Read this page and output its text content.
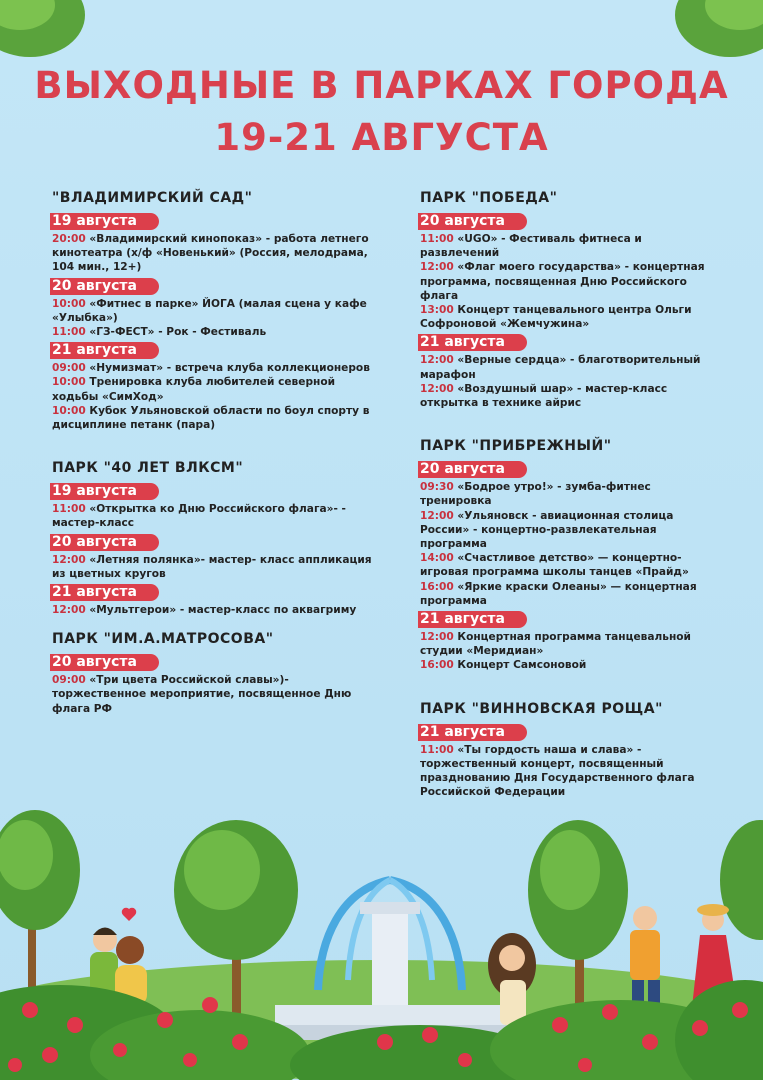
ВЫХОДНЫЕ В ПАРКАХ ГОРОДА
19-21 АВГУСТА
"ВЛАДИМИРСКИЙ САД"
19 августа

20:00 «Владимирский кинопоказ» - работа летнего кинотеатра (х/ф «Новенький» (Россия, мелодрама, 104 мин., 12+)

20 августа

10:00 «Фитнес в парке» ЙОГА (малая сцена у кафе «Улыбка»)

11:00 «ГЗ-ФЕСТ» - Рок - Фестиваль

21 августа

09:00 «Нумизмат» - встреча клуба коллекционеров

10:00 Тренировка клуба любителей северной ходьбы «СимХод»

10:00 Кубок Ульяновской области по боул спорту в дисциплине петанк (пара)

ПАРК "40 ЛЕТ ВЛКСМ"
19 августа

11:00 «Открытка ко Дню Российского флага»- - мастер-класс

20 августа

12:00 «Летняя полянка»- мастер- класс аппликация из цветных кругов

21 августа

12:00 «Мультгерои» - мастер-класс по аквагриму

ПАРК "ИМ.А.МАТРОСОВА"
20 августа

09:00 «Три цвета Российской славы»)-торжественное мероприятие, посвященное Дню флага РФ

ПАРК "ПОБЕДА"
20 августа

11:00 «UGO» - Фестиваль фитнеса и развлечений

12:00 «Флаг моего государства» - концертная программа, посвященная Дню Российского флага

13:00 Концерт танцевального центра Ольги Софроновой «Жемчужина»

21 августа

12:00 «Верные сердца» - благотворительный марафон

12:00 «Воздушный шар» - мастер-класс открытка в технике айрис

ПАРК "ПРИБРЕЖНЫЙ"
20 августа

09:30 «Бодрое утро!» - зумба-фитнес тренировка

12:00 «Ульяновск - авиационная столица России» - концертно-развлекательная программа

14:00 «Счастливое детство» — концертно-игровая программа школы танцев «Прайд»

16:00 «Яркие краски Олеаны» — концертная программа

21 августа

12:00 Концертная программа танцевальной студии «Меридиан»

16:00 Концерт Самсоновой

ПАРК "ВИННОВСКАЯ РОЩА"
21 августа

11:00 «Ты гордость наша и слава» - торжественный концерт, посвященный празднованию Дня Государственного флага Российской Федерации
